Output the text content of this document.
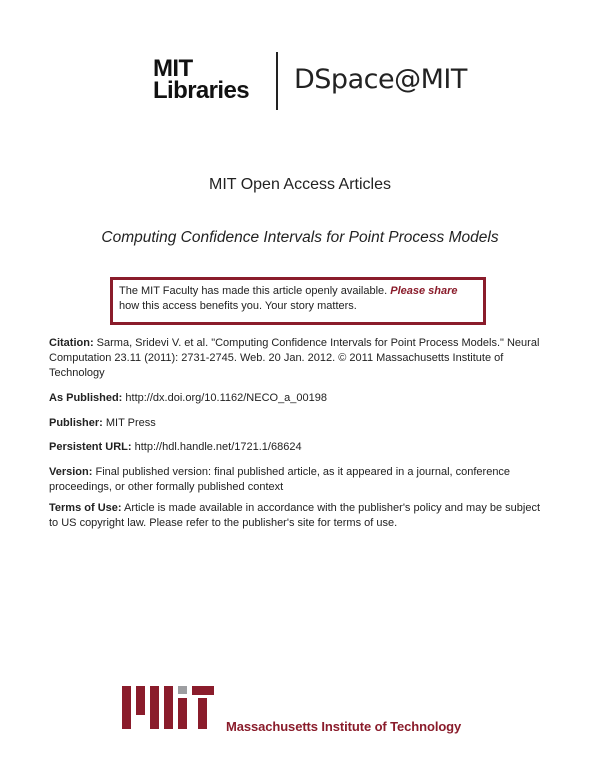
MIT
Libraries	DSpace@MIT
MIT Open Access Articles
Computing Confidence Intervals for Point Process Models
The MIT Faculty has made this article openly available. Please share
how this access benefits you. Your story matters.
Citation: Sarma, Sridevi V. et al. "Computing Confidence Intervals for Point Process Models." Neural Computation 23.11 (2011): 2731-2745. Web. 20 Jan. 2012. © 2011 Massachusetts Institute of Technology
As Published: http://dx.doi.org/10.1162/NECO_a_00198
Publisher: MIT Press
Persistent URL: http://hdl.handle.net/1721.1/68624
Version: Final published version: final published article, as it appeared in a journal, conference proceedings, or other formally published context
Terms of Use: Article is made available in accordance with the publisher's policy and may be subject to US copyright law. Please refer to the publisher's site for terms of use.
Massachusetts Institute of Technology
